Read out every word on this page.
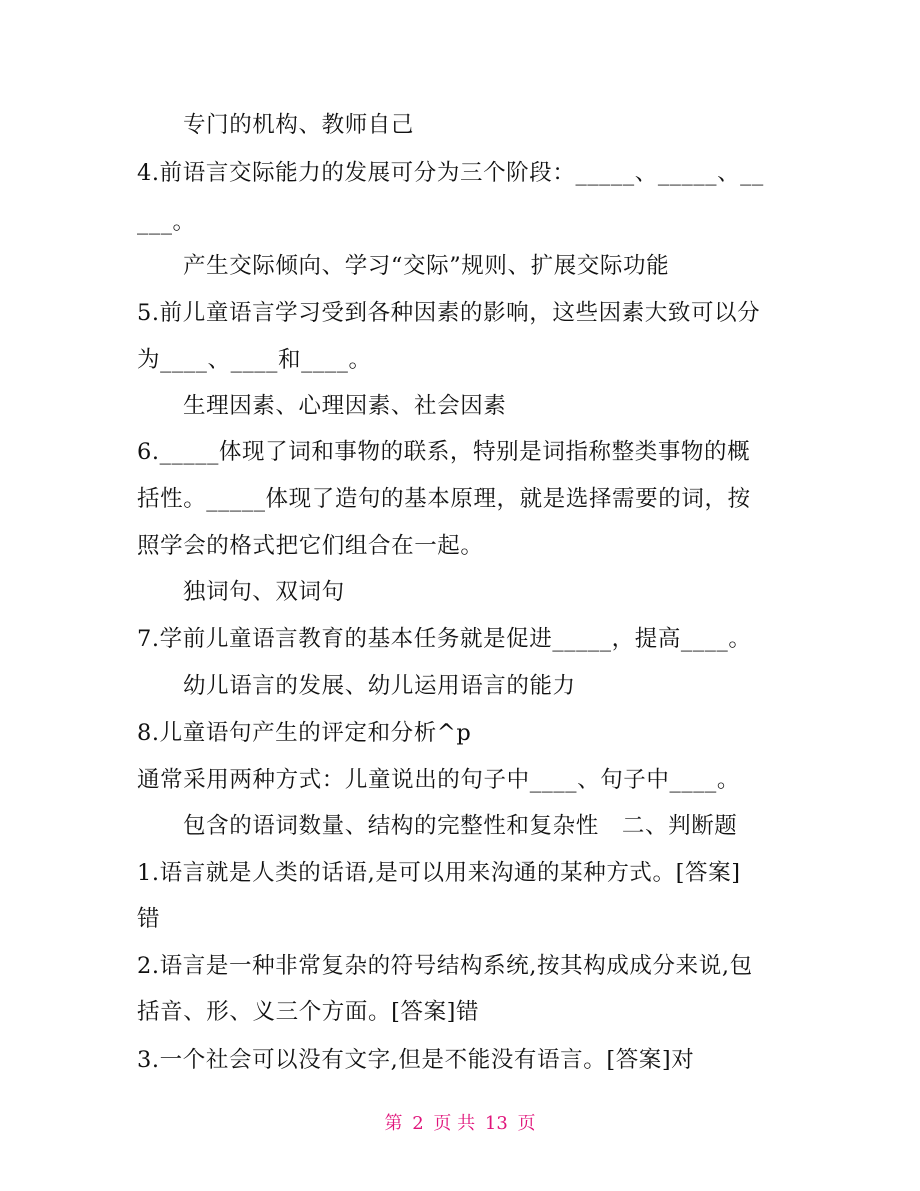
专门的机构、教师自己
4.前语言交际能力的发展可分为三个阶段：_____、_____、__
___。
产生交际倾向、学习“交际”规则、扩展交际功能
5.前儿童语言学习受到各种因素的影响，这些因素大致可以分
为____、____和____。
生理因素、心理因素、社会因素
6._____体现了词和事物的联系，特别是词指称整类事物的概
括性。_____体现了造句的基本原理，就是选择需要的词，按
照学会的格式把它们组合在一起。
独词句、双词句
7.学前儿童语言教育的基本任务就是促进_____，提高____。
幼儿语言的发展、幼儿运用语言的能力
8.儿童语句产生的评定和分析^p
通常采用两种方式：儿童说出的句子中____、句子中____。
包含的语词数量、结构的完整性和复杂性　二、判断题
1.语言就是人类的话语,是可以用来沟通的某种方式。[答案]
错
2.语言是一种非常复杂的符号结构系统,按其构成成分来说,包
括音、形、义三个方面。[答案]错
3.一个社会可以没有文字,但是不能没有语言。[答案]对
第 2 页 共 13 页
